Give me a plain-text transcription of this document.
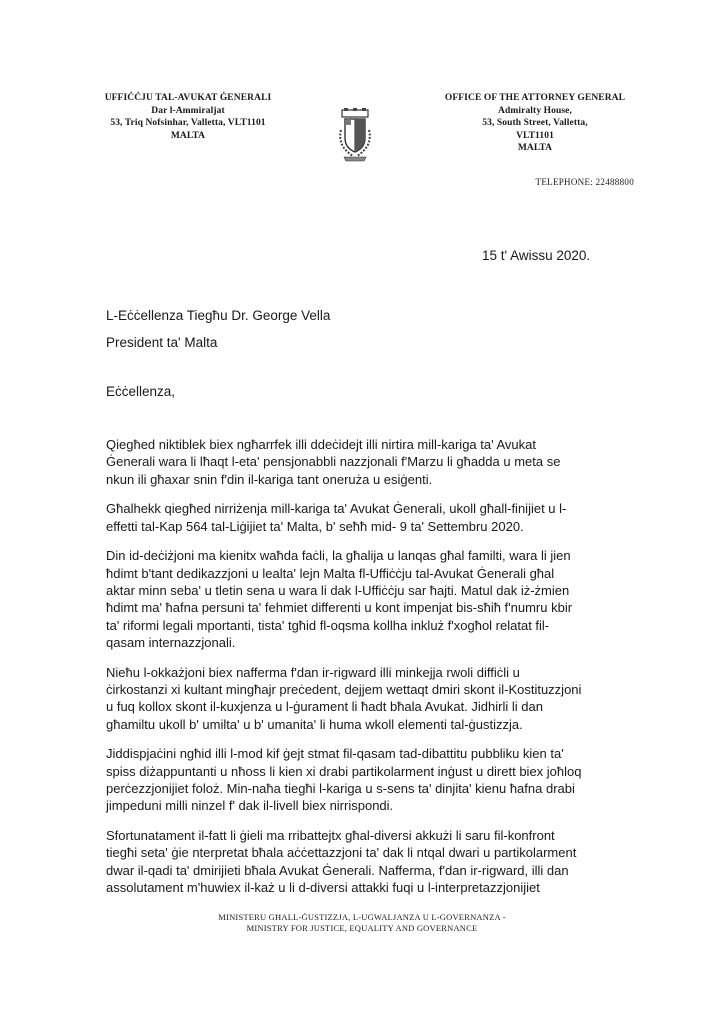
UFFIĊĊJU TAL-AVUKAT ĠENERALI
Dar l-Ammiraljat
53, Triq Nofsinhar, Valletta, VLT1101
MALTA
OFFICE OF THE ATTORNEY GENERAL
Admiralty House,
53, South Street, Valletta,
VLT1101
MALTA
TELEPHONE: 22488800
15 t' Awissu 2020.
L-Eċċellenza Tiegħu Dr. George Vella
President ta' Malta
Eċċellenza,

Qiegħed niktiblek biex ngħarrfek illi ddeċidejt illi nirtira mill-kariga ta' Avukat
Ġenerali wara li lħaqt l-eta' pensjonabbli nazzjonali f'Marzu li għadda u meta se
nkun ili għaxar snin f'din il-kariga tant oneruża u esiġenti.

Għalhekk qiegħed nirriżenja mill-kariga ta' Avukat Ġenerali, ukoll għall-finijiet u l-
effetti tal-Kap 564 tal-Liġijiet ta' Malta, b' seħħ mid- 9 ta' Settembru 2020.

Din id-deċiżjoni ma kienitx waħda faċli, la għalija u lanqas għal familti, wara li jien
ħdimt b'tant dedikazzjoni u lealta' lejn Malta fl-Uffiċċju tal-Avukat Ġenerali għal
aktar minn seba' u tletin sena u wara li dak l-Uffiċċju sar ħajti. Matul dak iż-żmien
ħdimt ma' ħafna persuni ta' fehmiet differenti u kont impenjat bis-sħiħ f'numru kbir
ta' riformi legali mportanti, tista' tgħid fl-oqsma kollha inkluż f'xogħol relatat fil-
qasam internazzjonali.

Nieħu l-okkażjoni biex nafferma f'dan ir-rigward illi minkejja rwoli diffiċli u
ċirkostanzi xi kultant mingħajr preċedent, dejjem wettaqt dmiri skont il-Kostituzzjoni
u fuq kollox skont il-kuxjenza u l-ġurament li ħadt bħala Avukat. Jidhirli li dan
għamiltu ukoll b' umilta' u b' umanita' li huma wkoll elementi tal-ġustizzja.

Jiddispjaċini ngħid illi l-mod kif ġejt stmat fil-qasam tad-dibattitu pubbliku kien ta'
spiss diżappuntanti u nħoss li kien xi drabi partikolarment inġust u dirett biex joħloq
perċezzjonijiet foloż. Min-naħa tiegħi l-kariga u s-sens ta' dinjita' kienu ħafna drabi
jimpeduni milli ninzel f' dak il-livell biex nirrispondi.

Sfortunatament il-fatt li ġieli ma rribattejtx għal-diversi akkużi li saru fil-konfront
tiegħi seta' ġie nterpretat bħala aċċettazzjoni ta' dak li ntqal dwari u partikolarment
dwar il-qadi ta' dmirijieti bħala Avukat Ġenerali. Nafferma, f'dan ir-rigward, illi dan
assolutament m'huwiex il-każ u li d-diversi attakki fuqi u l-interpretazzjonijiet

MINISTERU GĦALL-ĠUSTIZZJA, L-UGWALJANZA U L-GOVERNANZA -
MINISTRY FOR JUSTICE, EQUALITY AND GOVERNANCE
